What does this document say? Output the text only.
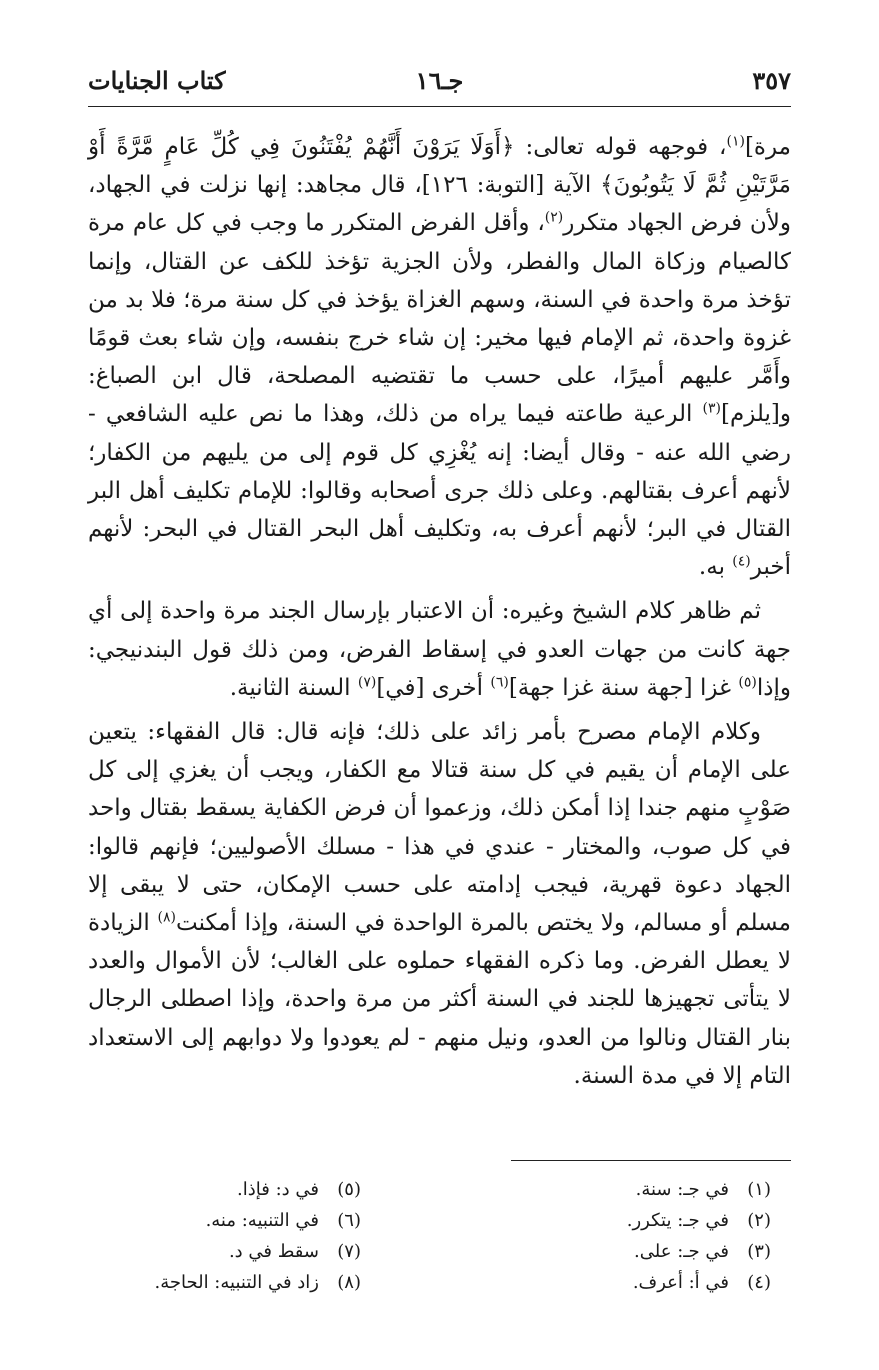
٣٥٧
جـ١٦
كتاب الجنايات

مرة]$^{(١)}$، فوجهه قوله تعالى: ﴿أَوَلَا يَرَوْنَ أَنَّهُمْ يُفْتَنُونَ فِي كُلِّ عَامٍ مَّرَّةً أَوْ مَرَّتَيْنِ ثُمَّ لَا يَتُوبُونَ﴾ الآية [التوبة: ١٢٦]، قال مجاهد: إنها نزلت في الجهاد، ولأن فرض الجهاد متكرر$^{(٢)}$، وأقل الفرض المتكرر ما وجب في كل عام مرة كالصيام وزكاة المال والفطر، ولأن الجزية تؤخذ للكف عن القتال، وإنما تؤخذ مرة واحدة في السنة، وسهم الغزاة يؤخذ في كل سنة مرة؛ فلا بد من غزوة واحدة، ثم الإمام فيها مخير: إن شاء خرج بنفسه، وإن شاء بعث قومًا وأَمَّر عليهم أميرًا، على حسب ما تقتضيه المصلحة، قال ابن الصباغ: و[يلزم]$^{(٣)}$ الرعية طاعته فيما يراه من ذلك، وهذا ما نص عليه الشافعي - رضي الله عنه - وقال أيضا: إنه يُغْزِي كل قوم إلى من يليهم من الكفار؛ لأنهم أعرف بقتالهم. وعلى ذلك جرى أصحابه وقالوا: للإمام تكليف أهل البر القتال في البر؛ لأنهم أعرف به، وتكليف أهل البحر القتال في البحر: لأنهم أخبر$^{(٤)}$ به.

ثم ظاهر كلام الشيخ وغيره: أن الاعتبار بإرسال الجند مرة واحدة إلى أي جهة كانت من جهات العدو في إسقاط الفرض، ومن ذلك قول البندنيجي: وإذا$^{(٥)}$ غزا [جهة سنة غزا جهة]$^{(٦)}$ أخرى [في]$^{(٧)}$ السنة الثانية.

وكلام الإمام مصرح بأمر زائد على ذلك؛ فإنه قال: قال الفقهاء: يتعين على الإمام أن يقيم في كل سنة قتالا مع الكفار، ويجب أن يغزي إلى كل صَوْبٍ منهم جندا إذا أمكن ذلك، وزعموا أن فرض الكفاية يسقط بقتال واحد في كل صوب، والمختار - عندي في هذا - مسلك الأصوليين؛ فإنهم قالوا: الجهاد دعوة قهرية، فيجب إدامته على حسب الإمكان، حتى لا يبقى إلا مسلم أو مسالم، ولا يختص بالمرة الواحدة في السنة، وإذا أمكنت$^{(٨)}$ الزيادة لا يعطل الفرض. وما ذكره الفقهاء حملوه على الغالب؛ لأن الأموال والعدد لا يتأتى تجهيزها للجند في السنة أكثر من مرة واحدة، وإذا اصطلى الرجال بنار القتال ونالوا من العدو، ونيل منهم - لم يعودوا ولا دوابهم إلى الاستعداد التام إلا في مدة السنة.

(١)في جـ: سنة.
(٢)في جـ: يتكرر.
(٣)في جـ: على.
(٤)في أ: أعرف.
(٥)في د: فإذا.
(٦)في التنبيه: منه.
(٧)سقط في د.
(٨)زاد في التنبيه: الحاجة.
